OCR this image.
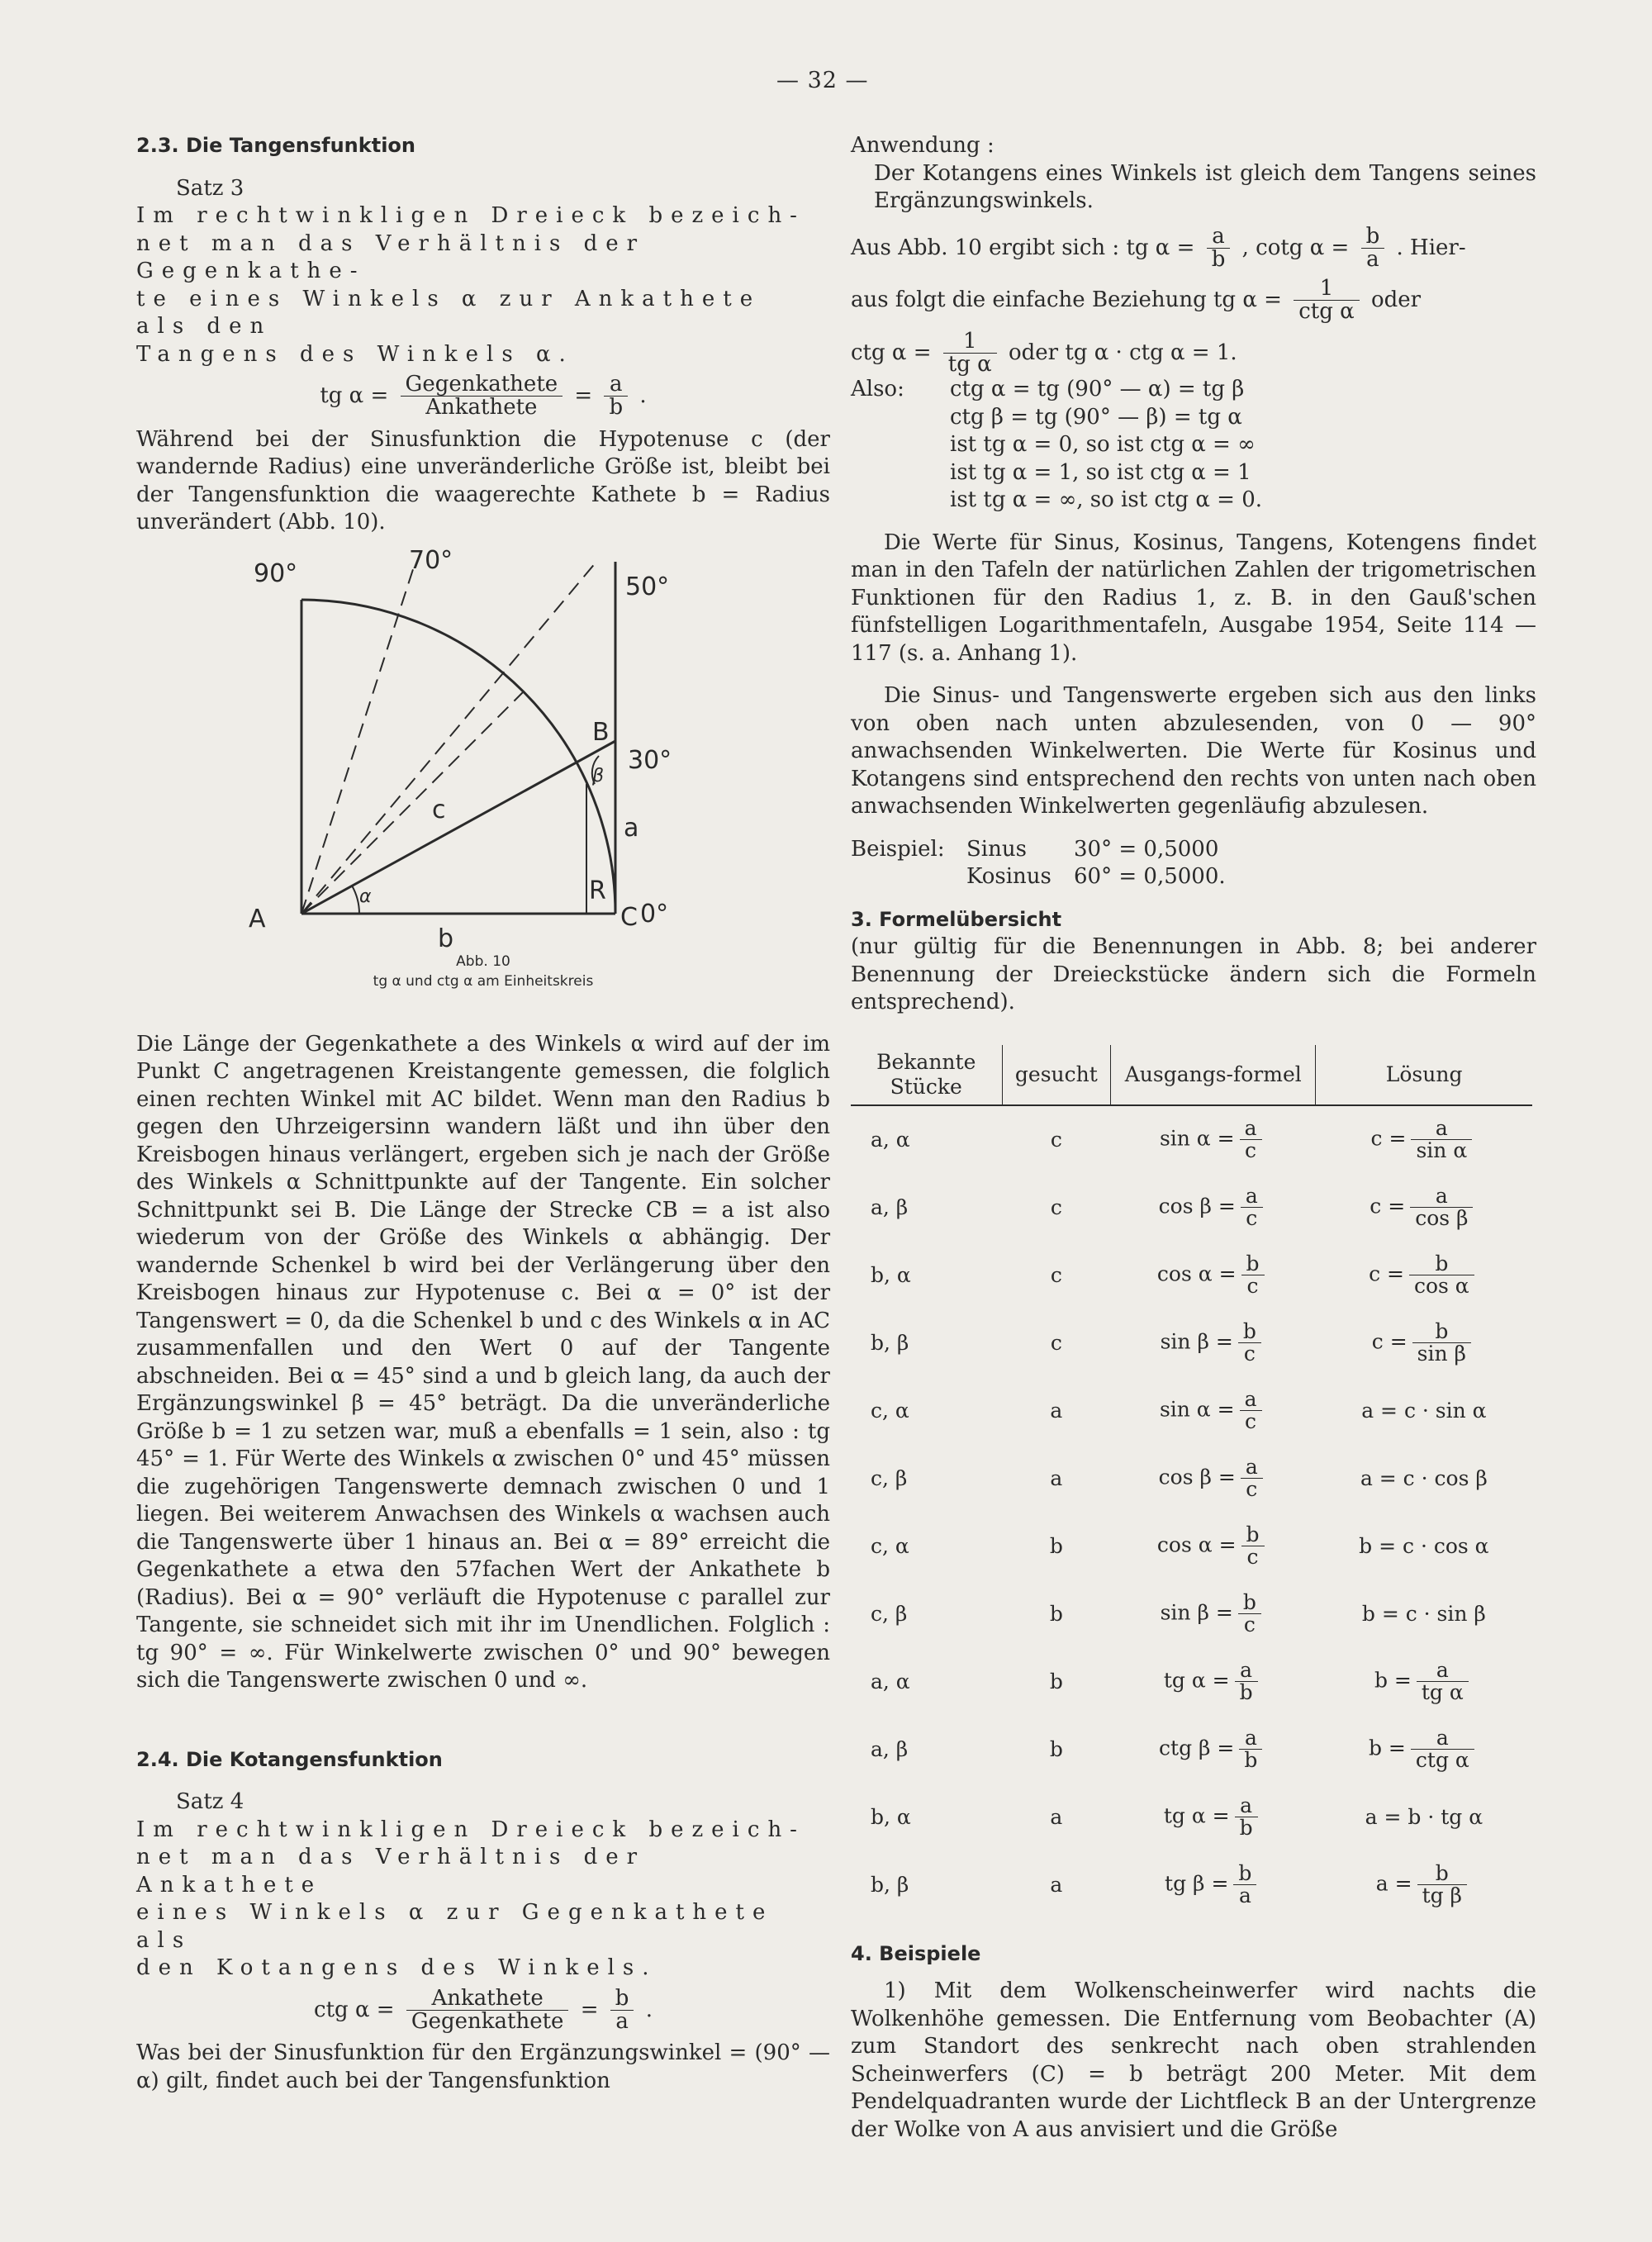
— 32 —
2.3. Die Tangensfunktion
Satz 3
Im rechtwinkligen Dreieck bezeich-
net man das Verhältnis der Gegenkathe-
te eines Winkels α zur Ankathete als den
Tangens des Winkels α.
tg $\alpha = \frac{\text{Gegenkathete}}{\text{Ankathete}} = \frac{a}{b}$ .
Während bei der Sinusfunktion die Hypotenuse c (der wandernde Radius) eine unveränderliche Größe ist, bleibt bei der Tangensfunktion die waagerechte Kathete b = Radius unverändert (Abb. 10).
90°	70°
50°
30°
0°
A
B
C
R
a
b
c
α
β
Abb. 10
tg α und ctg α am Einheitskreis
Die Länge der Gegenkathete a des Winkels α wird auf der im Punkt C angetragenen Kreistangente gemessen, die folglich einen rechten Winkel mit AC bildet. Wenn man den Radius b gegen den Uhrzeigersinn wandern läßt und ihn über den Kreisbogen hinaus verlängert, ergeben sich je nach der Größe des Winkels α Schnittpunkte auf der Tangente. Ein solcher Schnittpunkt sei B. Die Länge der Strecke CB = a ist also wiederum von der Größe des Winkels α abhängig. Der wandernde Schenkel b wird bei der Verlängerung über den Kreisbogen hinaus zur Hypotenuse c. Bei α = 0° ist der Tangenswert = 0, da die Schenkel b und c des Winkels α in AC zusammenfallen und den Wert 0 auf der Tangente abschneiden. Bei α = 45° sind a und b gleich lang, da auch der Ergänzungswinkel β = 45° beträgt. Da die unveränderliche Größe b = 1 zu setzen war, muß a ebenfalls = 1 sein, also : tg 45° = 1. Für Werte des Winkels α zwischen 0° und 45° müssen die zugehörigen Tangenswerte demnach zwischen 0 und 1 liegen. Bei weiterem Anwachsen des Winkels α wachsen auch die Tangenswerte über 1 hinaus an. Bei α = 89° erreicht die Gegenkathete a etwa den 57fachen Wert der Ankathete b (Radius). Bei α = 90° verläuft die Hypotenuse c parallel zur Tangente, sie schneidet sich mit ihr im Unendlichen. Folglich : tg 90° = ∞. Für Winkelwerte zwischen 0° und 90° bewegen sich die Tangenswerte zwischen 0 und ∞.
2.4. Die Kotangensfunktion
Satz 4
Im rechtwinkligen Dreieck bezeich-
net man das Verhältnis der Ankathete
eines Winkels α zur Gegenkathete als
den Kotangens des Winkels.
ctg $\alpha = \frac{\text{Ankathete}}{\text{Gegenkathete}} = \frac{b}{a}$ .
Was bei der Sinusfunktion für den Ergänzungswinkel = (90° — α) gilt, findet auch bei der Tangensfunktion
Anwendung :
Der Kotangens eines Winkels ist gleich dem Tangens seines Ergänzungswinkels.
Aus Abb. 10 ergibt sich : tg $\alpha = \frac{a}{b}$ , cotg $\alpha = \frac{b}{a}$ . Hier-
aus folgt die einfache Beziehung tg $\alpha = \frac{1}{\text{ctg α}}$ oder
ctg $\alpha = \frac{1}{\text{tg α}}$ oder tg α · ctg α = 1.
Also:	ctg α = tg (90° — α) = tg β
ctg β = tg (90° — β) = tg α
ist tg α = 0, so ist ctg α = ∞
ist tg α = 1, so ist ctg α = 1
ist tg α = ∞, so ist ctg α = 0.
Die Werte für Sinus, Kosinus, Tangens, Kotengens findet man in den Tafeln der natürlichen Zahlen der trigometrischen Funktionen für den Radius 1, z. B. in den Gauß'schen fünfstelligen Logarithmentafeln, Ausgabe 1954, Seite 114 — 117 (s. a. Anhang 1).
Die Sinus- und Tangenswerte ergeben sich aus den links von oben nach unten abzulesenden, von 0 — 90° anwachsenden Winkelwerten. Die Werte für Kosinus und Kotangens sind entsprechend den rechts von unten nach oben anwachsenden Winkelwerten gegenläufig abzulesen.
Beispiel:	Sinus	30° = 0,5000
Kosinus	60° = 0,5000.
3. Formelübersicht
(nur gültig für die Benennungen in Abb. 8; bei anderer Benennung der Dreieckstücke ändern sich die Formeln entsprechend).
Bekannte Stücke	gesucht	Ausgangs-formel	Lösung
a, α	c	$\sin \alpha = \frac{a}{c}$	$c = \frac{a}{\text{sin α}}$

a, β	c	$\cos \beta = \frac{a}{c}$	$c = \frac{a}{\text{cos β}}$

b, α	c	$\cos \alpha = \frac{b}{c}$	$c = \frac{b}{\text{cos α}}$

b, β	c	$\sin \beta = \frac{b}{c}$	$c = \frac{b}{\text{sin β}}$

c, α	a	$\sin \alpha = \frac{a}{c}$	a = c · sin α
c, β	a	$\cos \beta = \frac{a}{c}$	a = c · cos β
c, α	b	$\cos \alpha = \frac{b}{c}$	b = c · cos α
c, β	b	$\sin \beta = \frac{b}{c}$	b = c · sin β
a, α	b	tg $\alpha = \frac{a}{b}$	$b = \frac{a}{\text{tg α}}$

a, β	b	ctg $\beta = \frac{a}{b}$	$b = \frac{a}{\text{ctg α}}$

b, α	a	tg $\alpha = \frac{a}{b}$	a = b · tg α
b, β	a	tg $\beta = \frac{b}{a}$	$a = \frac{b}{\text{tg β}}$
4. Beispiele
1) Mit dem Wolkenscheinwerfer wird nachts die Wolkenhöhe gemessen. Die Entfernung vom Beobachter (A) zum Standort des senkrecht nach oben strahlenden Scheinwerfers (C) = b beträgt 200 Meter. Mit dem Pendelquadranten wurde der Lichtfleck B an der Untergrenze der Wolke von A aus anvisiert und die Größe
